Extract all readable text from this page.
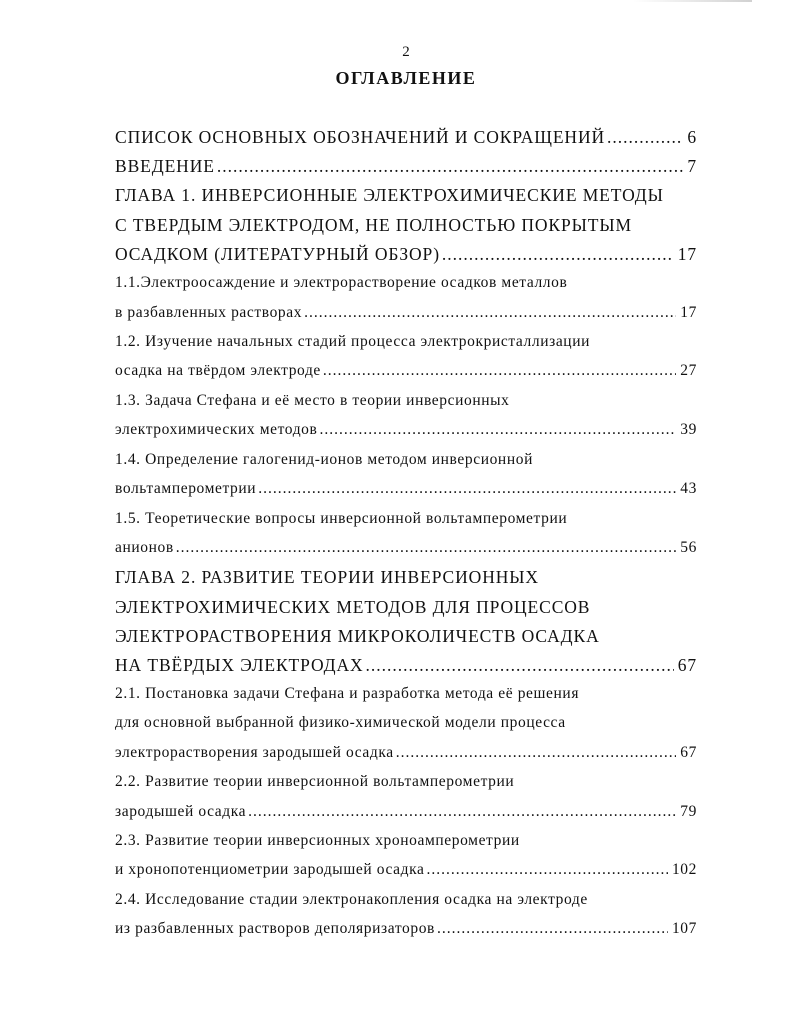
2
ОГЛАВЛЕНИЕ
СПИСОК ОСНОВНЫХ ОБОЗНАЧЕНИЙ И СОКРАЩЕНИЙ .....	6
ВВЕДЕНИЕ .....	7
ГЛАВА 1. ИНВЕРСИОННЫЕ ЭЛЕКТРОХИМИЧЕСКИЕ МЕТОДЫ
С ТВЕРДЫМ ЭЛЕКТРОДОМ, НЕ ПОЛНОСТЬЮ ПОКРЫТЫМ
ОСАДКОМ (ЛИТЕРАТУРНЫЙ ОБЗОР) .....	17
1.1.Электроосаждение и электрорастворение осадков металлов
в разбавленных растворах .....	17
1.2. Изучение начальных стадий процесса электрокристаллизации
осадка на твёрдом электроде .....	27
1.3. Задача Стефана и её место в теории инверсионных
электрохимических методов .....	39
1.4. Определение галогенид-ионов методом инверсионной
вольтамперометрии .....	43
1.5. Теоретические вопросы инверсионной вольтамперометрии
анионов .....	56
ГЛАВА 2. РАЗВИТИЕ ТЕОРИИ ИНВЕРСИОННЫХ
ЭЛЕКТРОХИМИЧЕСКИХ МЕТОДОВ ДЛЯ ПРОЦЕССОВ
ЭЛЕКТРОРАСТВОРЕНИЯ МИКРОКОЛИЧЕСТВ ОСАДКА
НА ТВЁРДЫХ ЭЛЕКТРОДАХ .....	67
2.1. Постановка задачи Стефана и разработка метода её решения
для основной выбранной физико-химической модели процесса
электрорастворения зародышей осадка .....	67
2.2. Развитие теории инверсионной вольтамперометрии
зародышей осадка .....	79
2.3. Развитие теории инверсионных хроноамперометрии
и хронопотенциометрии зародышей осадка .....	102
2.4. Исследование стадии электронакопления осадка на электроде
из разбавленных растворов деполяризаторов .....	107
